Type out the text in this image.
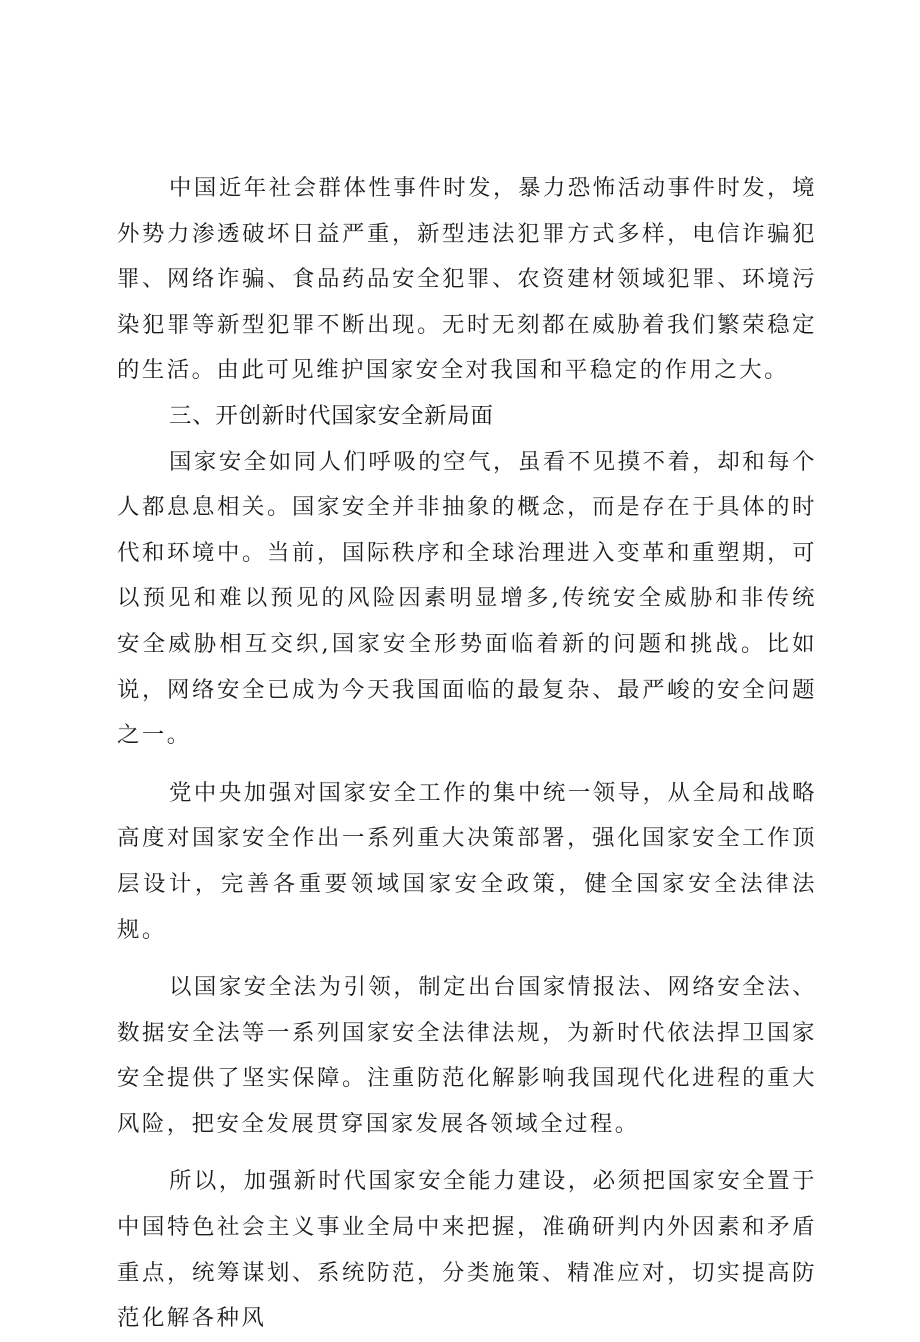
中国近年社会群体性事件时发，暴力恐怖活动事件时发，境外势力渗透破坏日益严重，新型违法犯罪方式多样，电信诈骗犯罪、网络诈骗、食品药品安全犯罪、农资建材领域犯罪、环境污染犯罪等新型犯罪不断出现。无时无刻都在威胁着我们繁荣稳定的生活。由此可见维护国家安全对我国和平稳定的作用之大。

三、开创新时代国家安全新局面

国家安全如同人们呼吸的空气，虽看不见摸不着，却和每个人都息息相关。国家安全并非抽象的概念，而是存在于具体的时代和环境中。当前，国际秩序和全球治理进入变革和重塑期，可以预见和难以预见的风险因素明显增多,传统安全威胁和非传统安全威胁相互交织,国家安全形势面临着新的问题和挑战。比如说，网络安全已成为今天我国面临的最复杂、最严峻的安全问题之一。

党中央加强对国家安全工作的集中统一领导，从全局和战略高度对国家安全作出一系列重大决策部署，强化国家安全工作顶层设计，完善各重要领域国家安全政策，健全国家安全法律法规。

以国家安全法为引领，制定出台国家情报法、网络安全法、数据安全法等一系列国家安全法律法规，为新时代依法捍卫国家安全提供了坚实保障。注重防范化解影响我国现代化进程的重大风险，把安全发展贯穿国家发展各领域全过程。

所以，加强新时代国家安全能力建设，必须把国家安全置于中国特色社会主义事业全局中来把握，准确研判内外因素和矛盾重点，统筹谋划、系统防范，分类施策、精准应对，切实提高防范化解各种风
